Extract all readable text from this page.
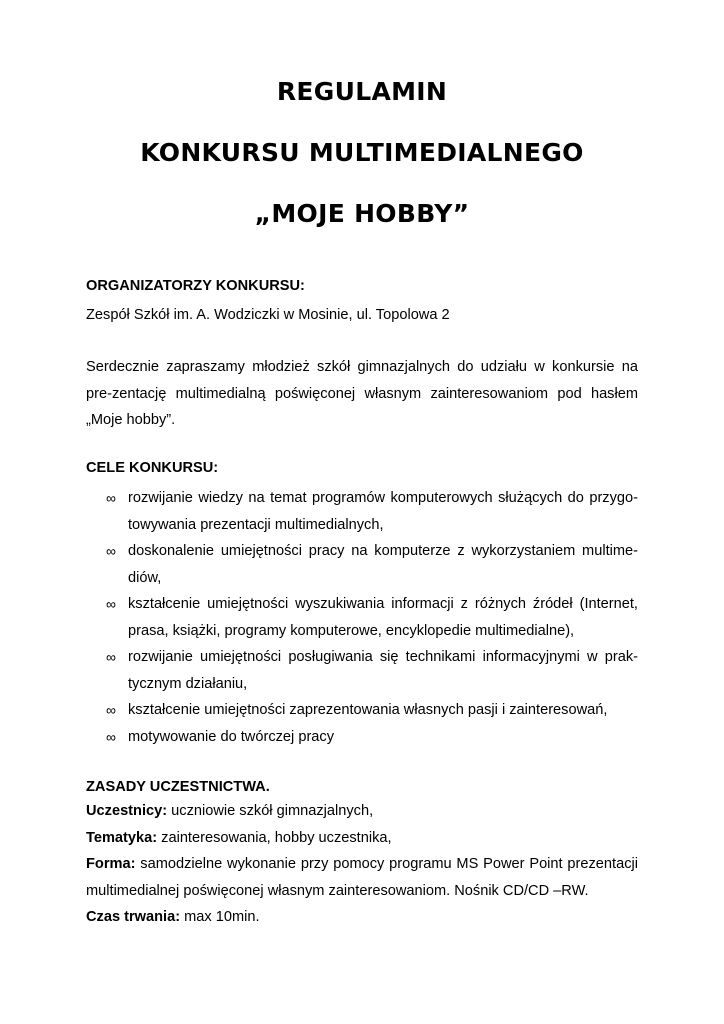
REGULAMIN
KONKURSU MULTIMEDIALNEGO
„MOJE HOBBY”
ORGANIZATORZY KONKURSU:
Zespół Szkół im. A. Wodziczki w Mosinie, ul. Topolowa 2
Serdecznie zapraszamy młodzież szkół gimnazjalnych do udziału w konkursie na pre-zentację multimedialną poświęconej własnym zainteresowaniom pod hasłem „Moje hobby”.
CELE KONKURSU:
∞ rozwijanie wiedzy na temat programów komputerowych służących do przygo-towywania prezentacji multimedialnych,
∞ doskonalenie umiejętności pracy na komputerze z wykorzystaniem multime-diów,
∞ kształcenie umiejętności wyszukiwania informacji z różnych źródeł (Internet, prasa, książki, programy komputerowe, encyklopedie multimedialne),
∞ rozwijanie umiejętności posługiwania się technikami informacyjnymi w prak-tycznym działaniu,
∞ kształcenie umiejętności zaprezentowania własnych pasji i zainteresowań,
∞ motywowanie do twórczej pracy
ZASADY UCZESTNICTWA.
Uczestnicy: uczniowie szkół gimnazjalnych,
Tematyka: zainteresowania, hobby uczestnika,
Forma: samodzielne wykonanie przy pomocy programu MS Power Point prezentacji multimedialnej poświęconej własnym zainteresowaniom. Nośnik CD/CD –RW.
Czas trwania: max 10min.
